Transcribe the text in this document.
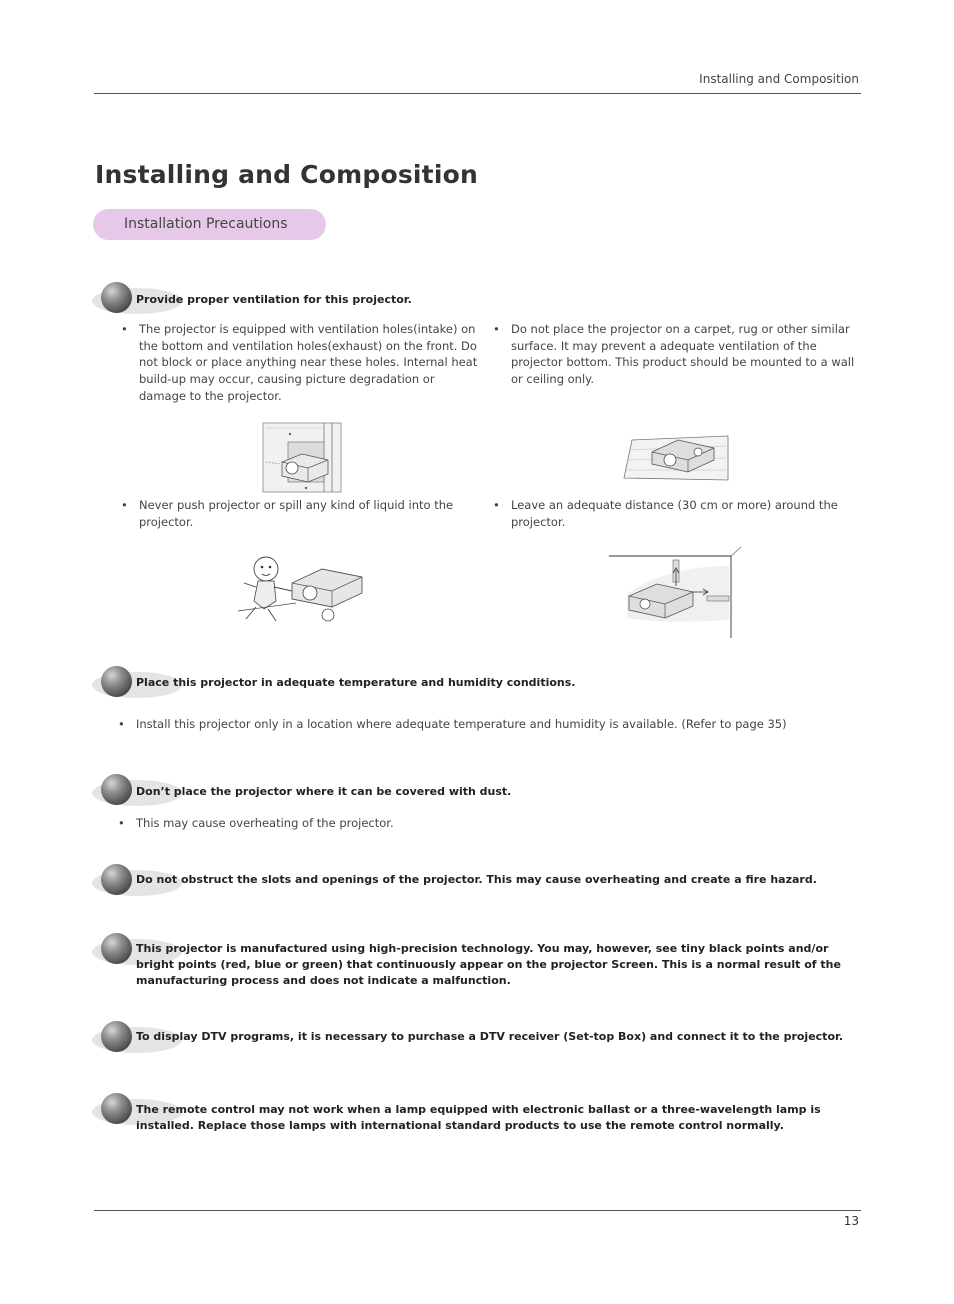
Installing and Composition
Installing and Composition
Installation Precautions
Provide proper ventilation for this projector.
• The projector is equipped with ventilation holes(intake) on the bottom and ventilation holes(exhaust) on the front. Do not block or place anything near these holes. Internal heat build-up may occur, causing picture degradation or damage to the projector.
• Do not place the projector on a carpet, rug or other similar surface. It may prevent a adequate ventilation of the projector bottom. This product should be mounted to a wall or ceiling only.
• Never push projector or spill any kind of liquid into the projector.
• Leave an adequate distance (30 cm or more) around the projector.
Place this projector in adequate temperature and humidity conditions.
• Install this projector only in a location where adequate temperature and humidity is available. (Refer to page 35)
Don’t place the projector where it can be covered with dust.
• This may cause overheating of the projector.
Do not obstruct the slots and openings of the projector. This may cause overheating and create a fire hazard.
This projector is manufactured using high-precision technology. You may, however, see tiny black points and/or bright points (red, blue or green) that continuously appear on the projector Screen. This is a normal result of the manufacturing process and does not indicate a malfunction.
To display DTV programs, it is necessary to purchase a DTV receiver (Set-top Box) and connect it to the projector.
The remote control may not work when a lamp equipped with electronic ballast or a three-wavelength lamp is installed. Replace those lamps with international standard products to use the remote control normally.
13
